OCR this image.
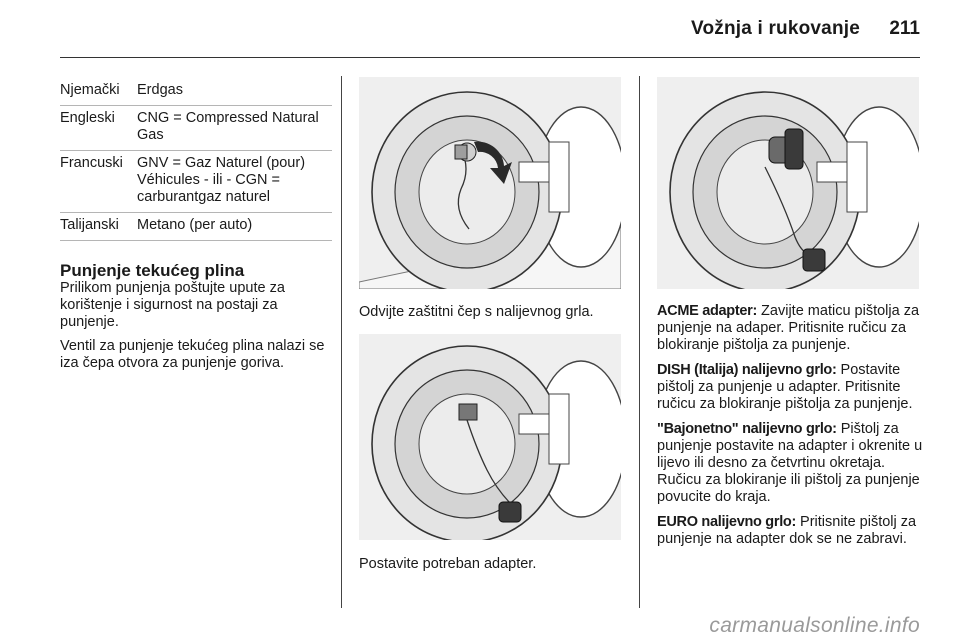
Vožnja i rukovanje 211
Njemački	Erdgas
Engleski	CNG = Compressed Natural Gas
Francuski	GNV = Gaz Naturel (pour) Véhicules - ili - CGN = carburantgaz naturel
Talijanski	Metano (per auto)
Punjenje tekućeg plina

Prilikom punjenja poštujte upute za korištenje i sigurnost na postaji za punjenje.

Ventil za punjenje tekućeg plina nalazi se iza čepa otvora za punjenje goriva.

Odvijte zaštitni čep s nalijevnog grla.
Postavite potreban adapter.

ACME adapter: Zavijte maticu pištolja za punjenje na adaper. Pritisnite ručicu za blokiranje pištolja za punjenje.

DISH (Italija) nalijevno grlo: Postavite pištolj za punjenje u adapter. Pritisnite ručicu za blokiranje pištolja za punjenje.

"Bajonetno" nalijevno grlo: Pištolj za punjenje postavite na adapter i okrenite u lijevo ili desno za četvrtinu okretaja. Ručicu za blokiranje ili pištolj za punjenje povucite do kraja.

EURO nalijevno grlo: Pritisnite pištolj za punjenje na adapter dok se ne zabravi.

carmanualsonline.info
